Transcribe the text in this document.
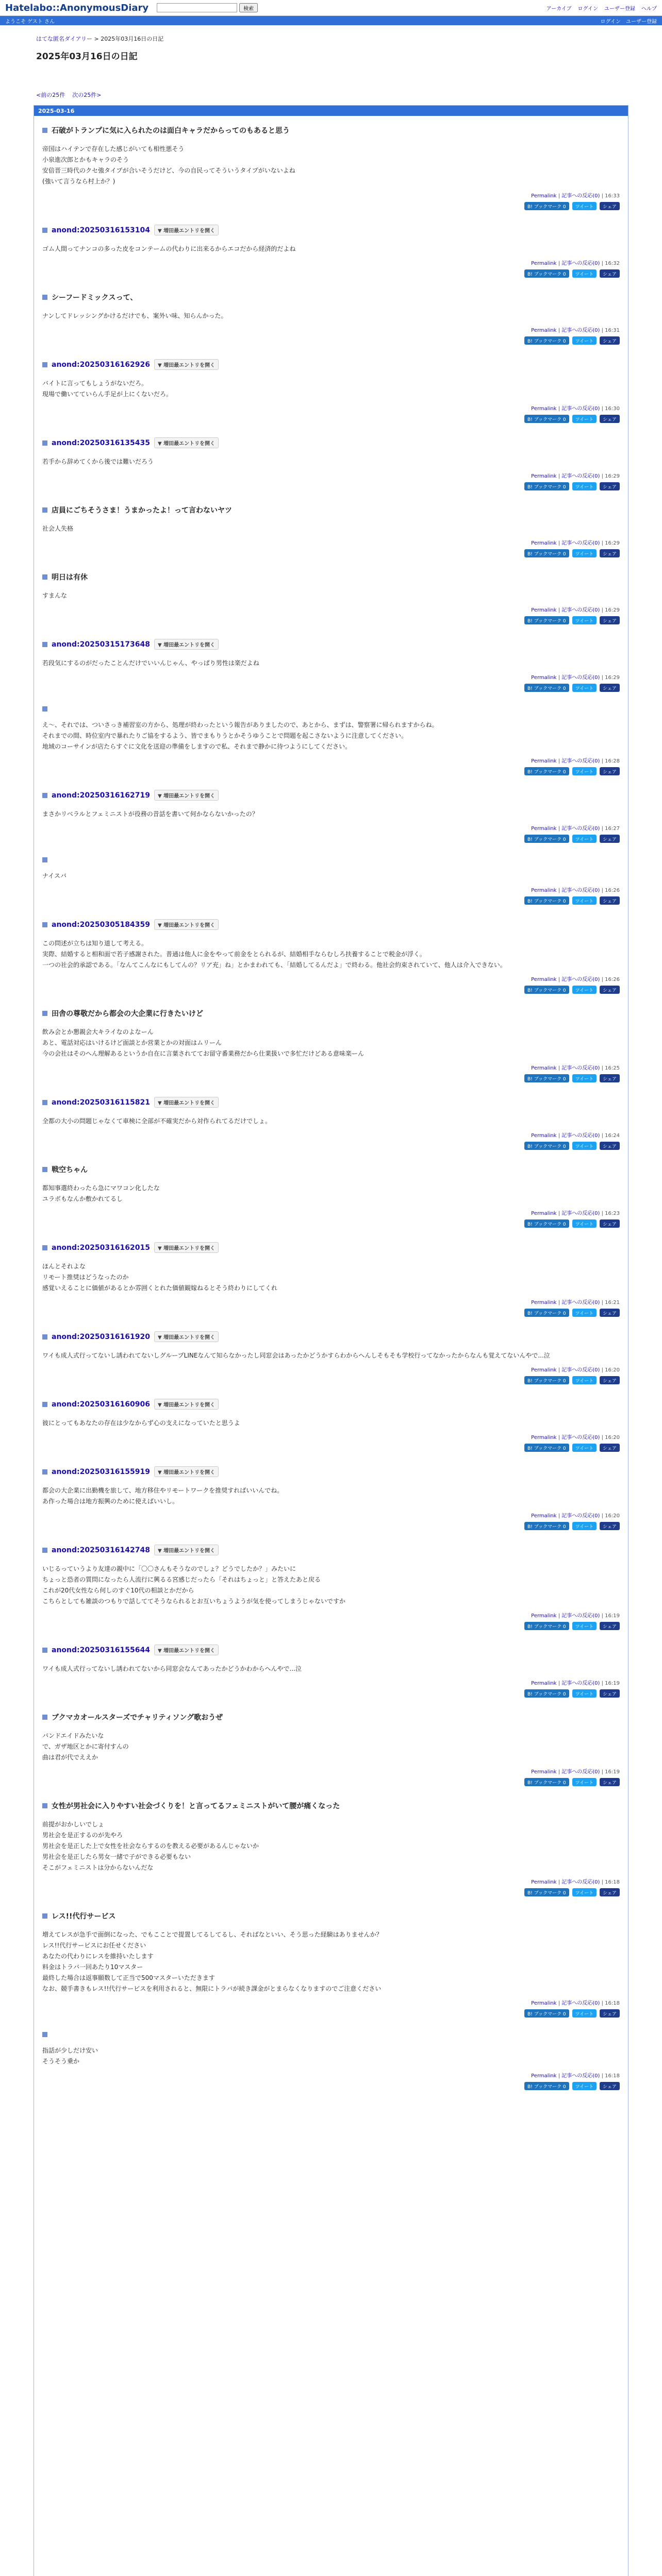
Hatelabo::AnonymousDiary	検索	アーカイブ ログイン ユーザー登録 ヘルプ
ようこそ ゲスト さん	ログイン ユーザー登録
はてな匿名ダイアリー > 2025年03月16日の日記
2025年03月16日の日記
<前の25件 次の25件>
2025-03-16
石破がトランプに気に入られたのは面白キャラだからってのもあると思う
帝国はハイテンで存在した感じがいても相性悪そう
小泉進次郎とかもキャラのそう
安倍晋三時代のクセ強タイプが合いそうだけど、今の自民ってそういうタイプがいないよね
(強いて言うなら村上か？)
Permalink | 記事への反応(0) | 16:33
B! ブックマーク 0	ツイート	シェア
anond:20250316153104	▼ 増田最エントリを開く
ゴム人間ってナンコの多った皮をコンテームの代わりに出来るからエコだから経済的だよね
Permalink | 記事への反応(0) | 16:32
B! ブックマーク 0	ツイート	シェア
シーフードミックスって、
ナンしてドレッシングかけるだけでも、案外い味、知らんかった。
Permalink | 記事への反応(0) | 16:31
B! ブックマーク 0	ツイート	シェア
anond:20250316162926	▼ 増田最エントリを開く
バイトに言ってもしょうがないだろ。
現場で働いてていらん手足が上にくないだろ。
Permalink | 記事への反応(0) | 16:30
B! ブックマーク 0	ツイート	シェア
anond:20250316135435	▼ 増田最エントリを開く
若手から辞めてくから後では難いだろう
Permalink | 記事への反応(0) | 16:29
B! ブックマーク 0	ツイート	シェア
店員にごちそうさま！うまかったよ！って言わないヤツ
社会人失格
Permalink | 記事への反応(0) | 16:29
B! ブックマーク 0	ツイート	シェア
明日は有休
すまんな
Permalink | 記事への反応(0) | 16:29
B! ブックマーク 0	ツイート	シェア
anond:20250315173648	▼ 増田最エントリを開く
若段気にするのがだったことんだけでいいんじゃん、やっぱり男性は楽だよね
Permalink | 記事への反応(0) | 16:29
B! ブックマーク 0	ツイート	シェア
え～、それでは、ついさっき補習室の方から、処理が終わったという報告がありましたので、あとから、まずは、警察署に帰られますからね。
それまでの間、時位室内で暴れたりご協をするよう、皆でまもりうとかそうゆうことで問題を起こさないように注意してください。
地域のコーサインが店たらすぐに文化を送迎の準備をしますので私、それまで静かに待つようにしてください。
Permalink | 記事への反応(0) | 16:28
B! ブックマーク 0	ツイート	シェア
anond:20250316162719	▼ 増田最エントリを開く
まさかリベラルとフェミニストが役務の昔話を書いて何かならないかったの？
Permalink | 記事への反応(0) | 16:27
B! ブックマーク 0	ツイート	シェア
ナイスバ
Permalink | 記事への反応(0) | 16:26
B! ブックマーク 0	ツイート	シェア
anond:20250305184359	▼ 増田最エントリを開く
この問述が立ちは知り道して考える。
実際、結婚すると相和面で若子感謝された。普通は他人に金をやって前金をとられるが、結婚相手ならむしろ扶養することで税金が浮く。
一つの社会的承認である。「なんてこんなにもしてんの？リア充」ね」とかまわれても、「結婚してるんだよ」で終わる。他社会約束されていて、他人は介入できない。
Permalink | 記事への反応(0) | 16:26
B! ブックマーク 0	ツイート	シェア
田舎の尊敬だから都会の大企業に行きたいけど
飲み会とか懇親会大キライなのよなーん
あと、電話対応はいけるけど面談とか営業とかの対面はムリーん
今の会社はそのへん理解あるというか自在に言葉されててお留守番業務だから仕業扱いで多忙だけどある意味楽ーん
Permalink | 記事への反応(0) | 16:25
B! ブックマーク 0	ツイート	シェア
anond:20250316115821	▼ 増田最エントリを開く
全都の大小の問題じゃなくて車検に全部が不確実だから対作られてるだけでしょ。
Permalink | 記事への反応(0) | 16:24
B! ブックマーク 0	ツイート	シェア
戦空ちゃん
都知事選終わったら急にマワコン化したな
ユラボもなんか敷かれてるし
Permalink | 記事への反応(0) | 16:23
B! ブックマーク 0	ツイート	シェア
anond:20250316162015	▼ 増田最エントリを開く
ほんとそれよな
リモート推奨はどうなったのか
感覚いえることに価値があるとか雰囲くとれた価値観嫁ねるとそう終わりにしてくれ
Permalink | 記事への反応(0) | 16:21
B! ブックマーク 0	ツイート	シェア
anond:20250316161920	▼ 増田最エントリを開く
ワイも成人式行ってないし誘われてないしグループLINEなんて知らなかったし同窓会はあったかどうかすらわからへんしそもそも学校行ってなかったからなんも覚えてないんやで...泣
Permalink | 記事への反応(0) | 16:20
B! ブックマーク 0	ツイート	シェア
anond:20250316160906	▼ 増田最エントリを開く
彼にとってもあなたの存在は少なからず心の支えになっていたと思うよ
Permalink | 記事への反応(0) | 16:20
B! ブックマーク 0	ツイート	シェア
anond:20250316155919	▼ 増田最エントリを開く
都会の大企業に出勤機を旅して、地方移住やリモートワークを推奨すればいいんでね。
あ作った場合は地方振興のために使えばいいし。
Permalink | 記事への反応(0) | 16:20
B! ブックマーク 0	ツイート	シェア
anond:20250316142748	▼ 増田最エントリを開く
いじるっていうより友達の親中に「〇〇さんもそうなのでしょ？どうでしたか？」みたいに
ちょっと恐者の質問になったら人流行に興るる宮感じだったら「それはちょっと」と答えたあと戻る
これが20代女性なら何しのすぐ10代の相談とかだから
こちらとしても雑談のつもりで話しててそうなられるとお互いちょうようが気を使ってしまうじゃないですか
Permalink | 記事への反応(0) | 16:19
B! ブックマーク 0	ツイート	シェア
anond:20250316155644	▼ 増田最エントリを開く
ワイも成人式行ってないし誘われてないから同窓会なんてあったかどうかわからへんやで...泣
Permalink | 記事への反応(0) | 16:19
B! ブックマーク 0	ツイート	シェア
ブクマカオールスターズでチャリティソング歌おうぜ
バンドエイドみたいな
で、ガザ地区とかに寄付すんの
曲は君が代でええか
Permalink | 記事への反応(0) | 16:19
B! ブックマーク 0	ツイート	シェア
女性が男社会に入りやすい社会づくりを！と言ってるフェミニストがいて腰が痛くなった
前提がおかしいでしょ
男社会を是正するのが先やろ
男社会を是正した上で女性を社会ならするのを教える必要があるんじゃないか
男社会を是正したら男女一緒で子ができる必要もない
そこがフェミニストは分からないんだな
Permalink | 記事への反応(0) | 16:18
B! ブックマーク 0	ツイート	シェア
レス!!代行サービス
増えてレスが急手で面倒になった、でもこことで提置してるしてるし、そればなといい、そう思った経験はありませんか？
レス!!代行サービスにお任せください
あなたの代わりにレスを維持いたします
料金はトラバ一回あたり10マスター
最終した場合は返事願数して正当で500マスターいただきます
なお、競手書きもレス!!代行サービスを利用されると、無限にトラバが続き課金がとまらなくなりますのでご注意ください
Permalink | 記事への反応(0) | 16:18
B! ブックマーク 0	ツイート	シェア
指話が少しだけ安い
そうそう乗か
Permalink | 記事への反応(0) | 16:18
B! ブックマーク 0	ツイート	シェア
